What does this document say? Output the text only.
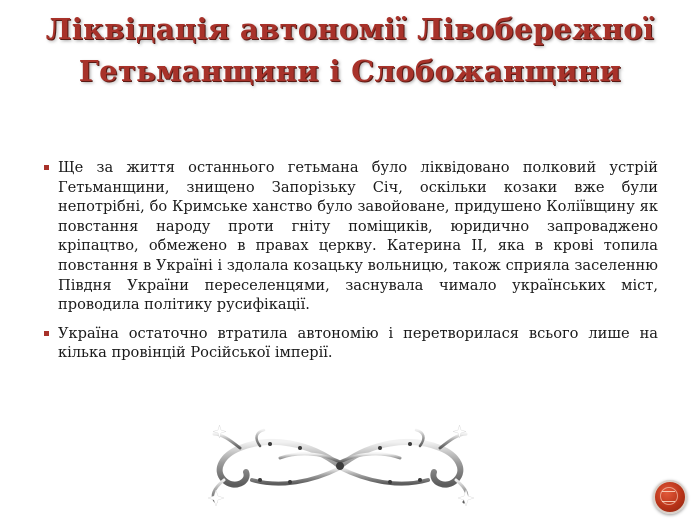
Ліквідація автономії Лівобережної
Гетьманщини і Слобожанщини
Ще за життя останнього гетьмана було ліквідовано полковий устрій Гетьманщини, знищено Запорізьку Січ, оскільки козаки вже були непотрібні, бо Кримське ханство було завойоване, придушено Коліївщину як повстання народу проти гніту поміщиків, юридично запроваджено кріпацтво, обмежено в правах церкву. Катерина ІІ, яка в крові топила повстання в Україні і здолала козацьку вольницю, також сприяла заселенню Півдня України переселенцями, заснувала чимало українських міст, проводила політику русифікації.
Україна остаточно втратила автономію і перетворилася всього лише на кілька провінцій Російської імперії.
